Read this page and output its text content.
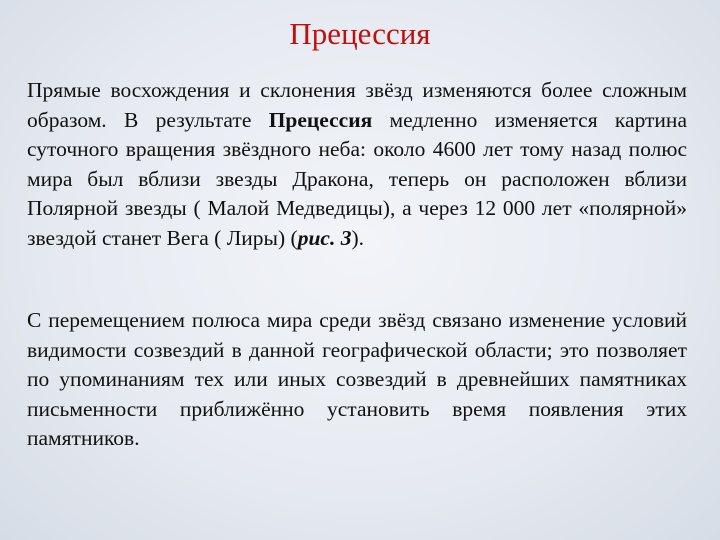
Прецессия

Прямые восхождения и склонения звёзд изменяются более сложным образом. В результате Прецессия медленно изменяется картина суточного вращения звёздного неба: около 4600 лет тому назад полюс мира был вблизи звезды Дракона, теперь он расположен вблизи Полярной звезды ( Малой Медведицы), а через 12 000 лет «полярной» звездой станет Вега ( Лиры) (рис. 3).

С перемещением полюса мира среди звёзд связано изменение условий видимости созвездий в данной географической области; это позволяет по упоминаниям тех или иных созвездий в древнейших памятниках письменности приближённо установить время появления этих памятников.
